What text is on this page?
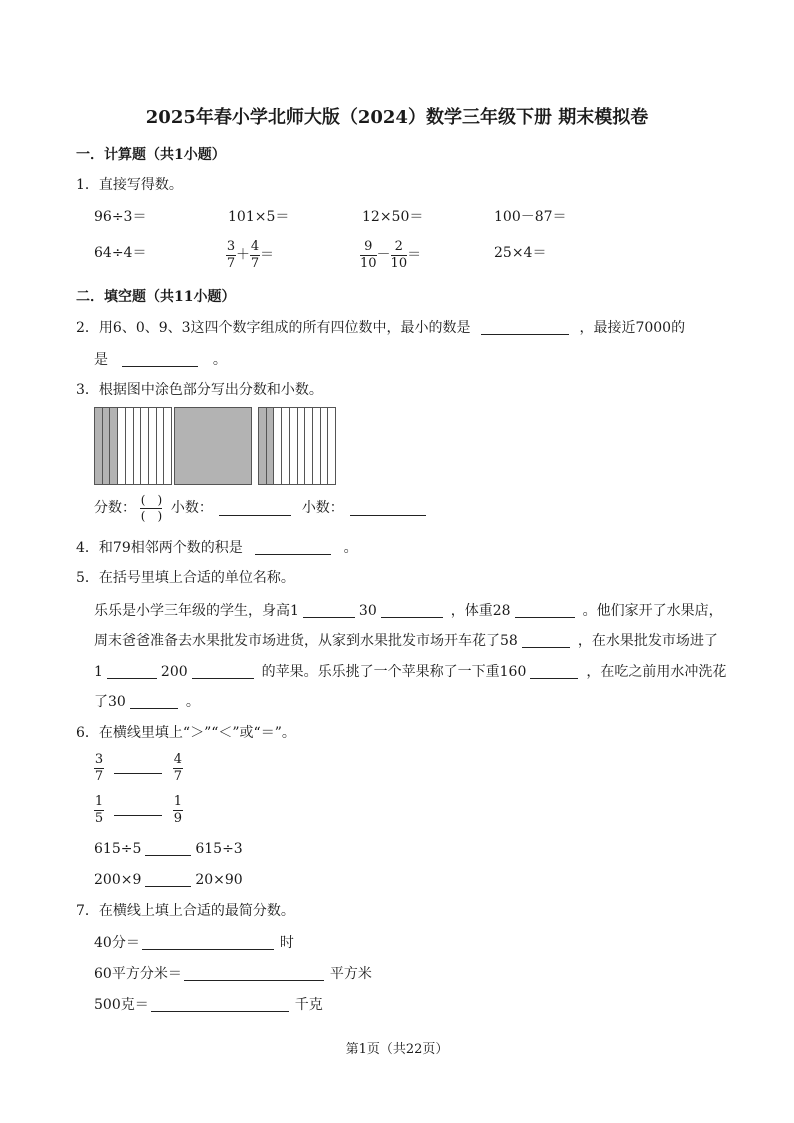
2025年春小学北师大版（2024）数学三年级下册 期末模拟卷
一．计算题（共1小题）
1．直接写得数。
96÷3＝	101×5＝	12×50＝	100－87＝
64÷4＝	$\frac{3}{7} + \frac{4}{7}$ ＝	$\frac{9}{10} - \frac{2}{10}$ ＝	25×4＝
二．填空题（共11小题）
2．用6、0、9、3这四个数字组成的所有四位数中，最小的数是	，最接近7000的
是	。
3．根据图中涂色部分写出分数和小数。
分数： $\frac{( )}{( )}$ 小数：	小数：
4．和79相邻两个数的积是	。
5．在括号里填上合适的单位名称。
乐乐是小学三年级的学生，身高1	30	，体重28	。他们家开了水果店，
周末爸爸准备去水果批发市场进货，从家到水果批发市场开车花了58	，在水果批发市场进了
1	200	的苹果。乐乐挑了一个苹果称了一下重160	，在吃之前用水冲洗花
了30	。
6．在横线里填上“＞”“＜”或“＝”。
$\frac{3}{7}$
	$\frac{4}{7}$
$\frac{1}{5}$
	$\frac{1}{9}$
615÷5	615÷3
200×9	20×90
7．在横线上填上合适的最简分数。
40分＝	时
60平方分米＝	平方米
500克＝	千克
第1页（共22页）
